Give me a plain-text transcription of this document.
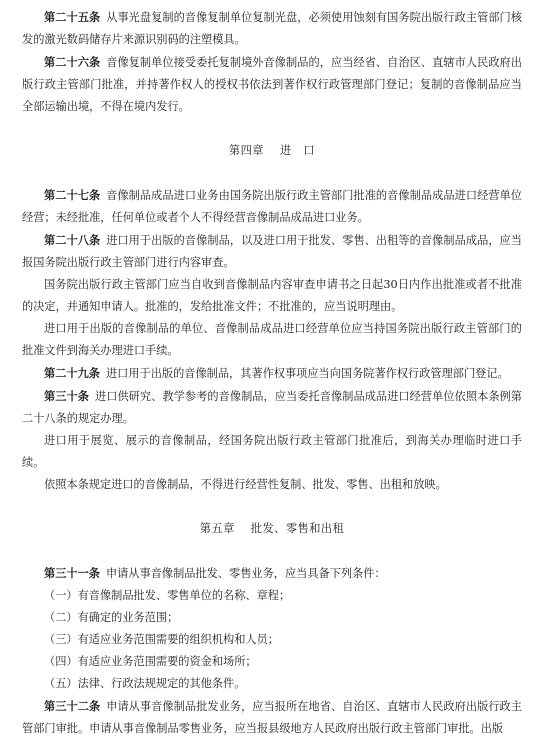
第二十五条 从事光盘复制的音像复制单位复制光盘，必须使用蚀刻有国务院出版行政主管部门核发的激光数码储存片来源识别码的注塑模具。

第二十六条 音像复制单位接受委托复制境外音像制品的，应当经省、自治区、直辖市人民政府出版行政主管部门批准，并持著作权人的授权书依法到著作权行政管理部门登记；复制的音像制品应当全部运输出境，不得在境内发行。

第四章 进　口

第二十七条 音像制品成品进口业务由国务院出版行政主管部门批准的音像制品成品进口经营单位经营；未经批准，任何单位或者个人不得经营音像制品成品进口业务。

第二十八条 进口用于出版的音像制品，以及进口用于批发、零售、出租等的音像制品成品，应当报国务院出版行政主管部门进行内容审查。

国务院出版行政主管部门应当自收到音像制品内容审查申请书之日起30日内作出批准或者不批准的决定，并通知申请人。批准的，发给批准文件；不批准的，应当说明理由。

进口用于出版的音像制品的单位、音像制品成品进口经营单位应当持国务院出版行政主管部门的批准文件到海关办理进口手续。

第二十九条 进口用于出版的音像制品，其著作权事项应当向国务院著作权行政管理部门登记。

第三十条 进口供研究、教学参考的音像制品，应当委托音像制品成品进口经营单位依照本条例第二十八条的规定办理。

进口用于展览、展示的音像制品，经国务院出版行政主管部门批准后，到海关办理临时进口手续。

依照本条规定进口的音像制品，不得进行经营性复制、批发、零售、出租和放映。

第五章 批发、零售和出租

第三十一条 申请从事音像制品批发、零售业务，应当具备下列条件：

（一）有音像制品批发、零售单位的名称、章程；

（二）有确定的业务范围；

（三）有适应业务范围需要的组织机构和人员；

（四）有适应业务范围需要的资金和场所；

（五）法律、行政法规规定的其他条件。

第三十二条 申请从事音像制品批发业务，应当报所在地省、自治区、直辖市人民政府出版行政主管部门审批。申请从事音像制品零售业务，应当报县级地方人民政府出版行政主管部门审批。出版
